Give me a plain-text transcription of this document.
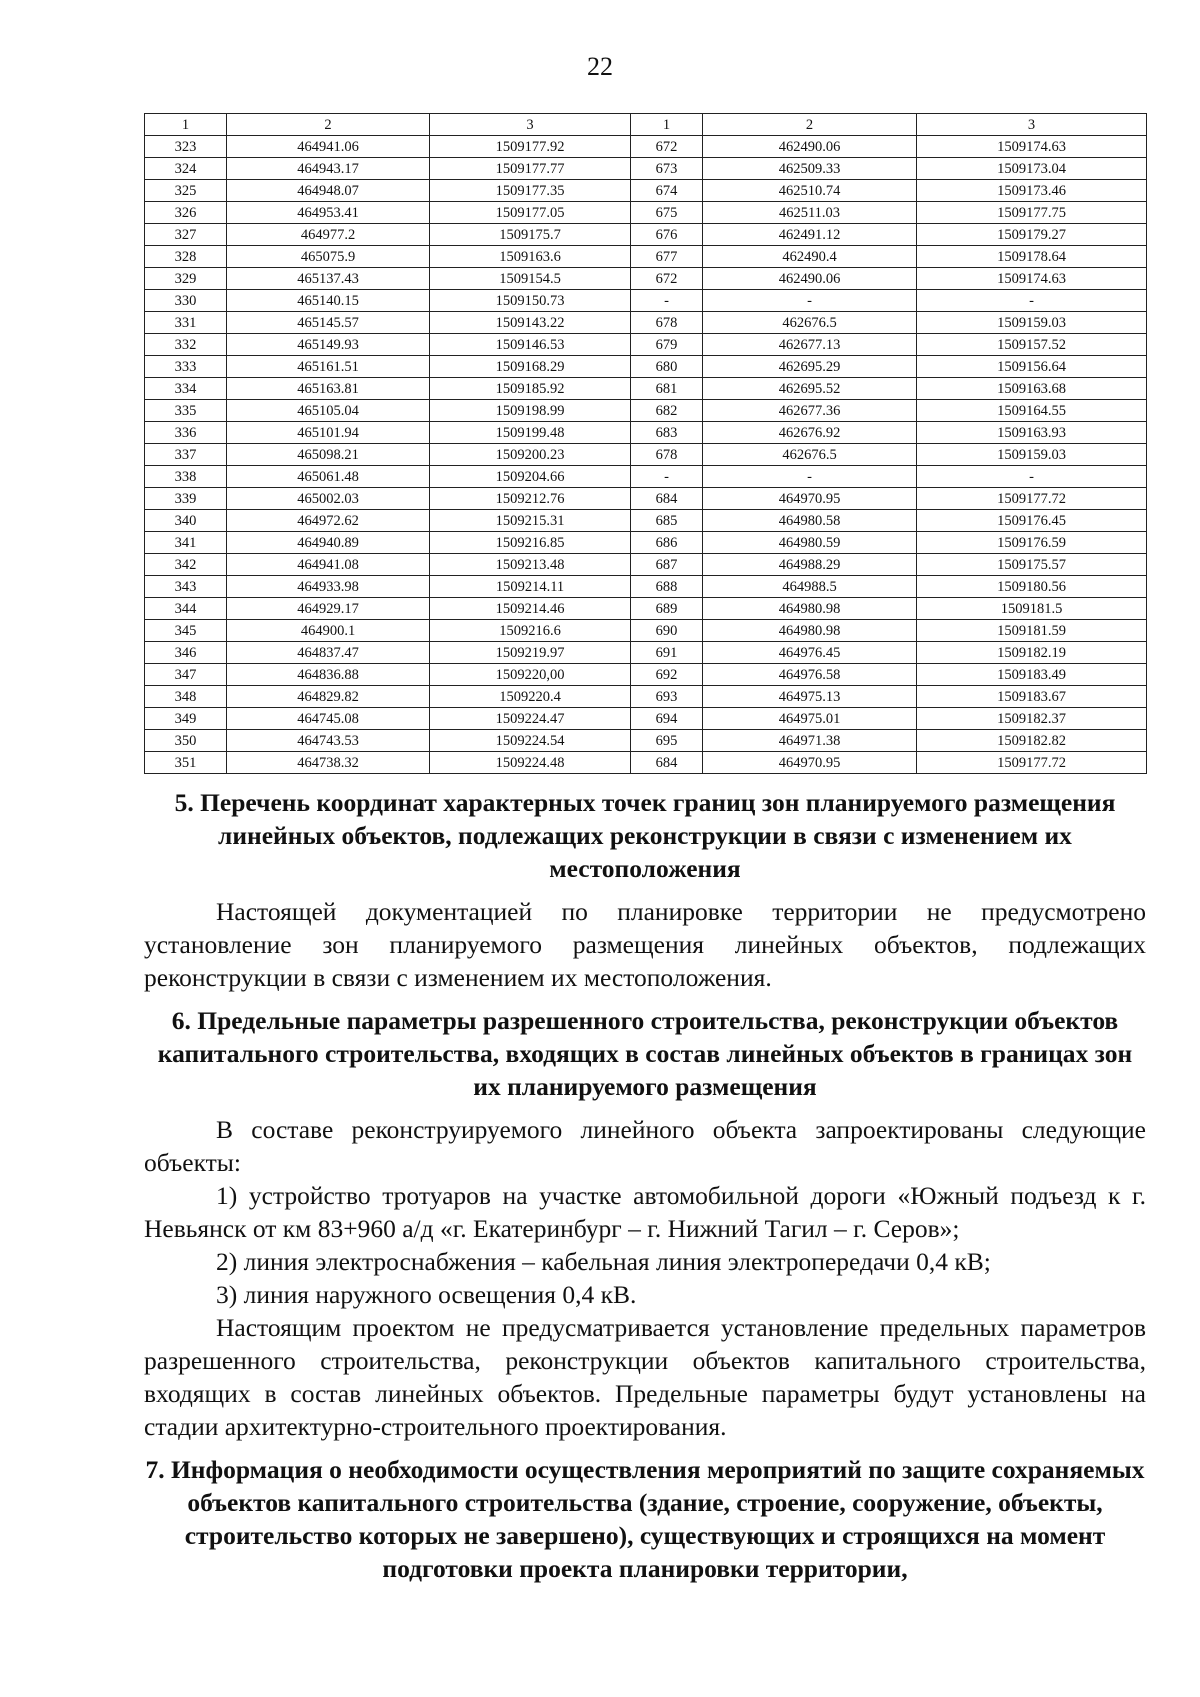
22
1	2	3	1	2	3
323	464941.06	1509177.92	672	462490.06	1509174.63
324	464943.17	1509177.77	673	462509.33	1509173.04
325	464948.07	1509177.35	674	462510.74	1509173.46
326	464953.41	1509177.05	675	462511.03	1509177.75
327	464977.2	1509175.7	676	462491.12	1509179.27
328	465075.9	1509163.6	677	462490.4	1509178.64
329	465137.43	1509154.5	672	462490.06	1509174.63
330	465140.15	1509150.73	-	-	-
331	465145.57	1509143.22	678	462676.5	1509159.03
332	465149.93	1509146.53	679	462677.13	1509157.52
333	465161.51	1509168.29	680	462695.29	1509156.64
334	465163.81	1509185.92	681	462695.52	1509163.68
335	465105.04	1509198.99	682	462677.36	1509164.55
336	465101.94	1509199.48	683	462676.92	1509163.93
337	465098.21	1509200.23	678	462676.5	1509159.03
338	465061.48	1509204.66	-	-	-
339	465002.03	1509212.76	684	464970.95	1509177.72
340	464972.62	1509215.31	685	464980.58	1509176.45
341	464940.89	1509216.85	686	464980.59	1509176.59
342	464941.08	1509213.48	687	464988.29	1509175.57
343	464933.98	1509214.11	688	464988.5	1509180.56
344	464929.17	1509214.46	689	464980.98	1509181.5
345	464900.1	1509216.6	690	464980.98	1509181.59
346	464837.47	1509219.97	691	464976.45	1509182.19
347	464836.88	1509220,00	692	464976.58	1509183.49
348	464829.82	1509220.4	693	464975.13	1509183.67
349	464745.08	1509224.47	694	464975.01	1509182.37
350	464743.53	1509224.54	695	464971.38	1509182.82
351	464738.32	1509224.48	684	464970.95	1509177.72
5. Перечень координат характерных точек границ зон планируемого размещения линейных объектов, подлежащих реконструкции в связи с изменением их местоположения

Настоящей документацией по планировке территории не предусмотрено установление зон планируемого размещения линейных объектов, подлежащих реконструкции в связи с изменением их местоположения.

6. Предельные параметры разрешенного строительства, реконструкции объектов капитального строительства, входящих в состав линейных объектов в границах зон их планируемого размещения

В составе реконструируемого линейного объекта запроектированы следующие объекты:

1) устройство тротуаров на участке автомобильной дороги «Южный подъезд к г. Невьянск от км 83+960 а/д «г. Екатеринбург – г. Нижний Тагил – г. Серов»;

2) линия электроснабжения – кабельная линия электропередачи 0,4 кВ;

3) линия наружного освещения 0,4 кВ.

Настоящим проектом не предусматривается установление предельных параметров разрешенного строительства, реконструкции объектов капитального строительства, входящих в состав линейных объектов. Предельные параметры будут установлены на стадии архитектурно-строительного проектирования.

7. Информация о необходимости осуществления мероприятий по защите сохраняемых объектов капитального строительства (здание, строение, сооружение, объекты, строительство которых не завершено), существующих и строящихся на момент подготовки проекта планировки территории,
